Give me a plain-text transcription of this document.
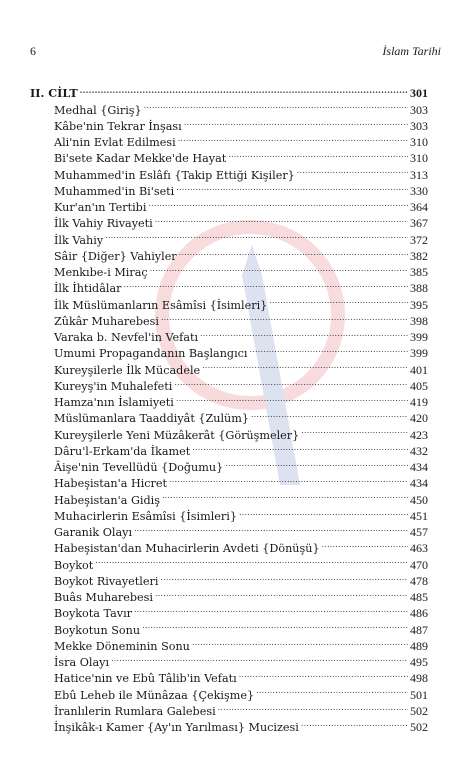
6	İslam Tarihi
II. CİLT .....	301
Medhal {Giriş} .....	303
Kâbe'nin Tekrar İnşası .....	303
Ali'nin Evlat Edilmesi .....	310
Bi'sete Kadar Mekke'de Hayat .....	310
Muhammed'in Eslâfı {Takip Ettiği Kişiler} .....	313
Muhammed'in Bi'seti .....	330
Kur'an'ın Tertibi .....	364
İlk Vahiy Rivayeti .....	367
İlk Vahiy .....	372
Sâir {Diğer} Vahiyler .....	382
Menkıbe-i Miraç .....	385
İlk İhtidâlar .....	388
İlk Müslümanların Esâmîsi {İsimleri} .....	395
Zûkâr Muharebesi .....	398
Varaka b. Nevfel'in Vefatı .....	399
Umumi Propagandanın Başlangıcı .....	399
Kureyşilerle İlk Mücadele .....	401
Kureyş'in Muhalefeti .....	405
Hamza'nın İslamiyeti .....	419
Müslümanlara Taaddiyât {Zulüm} .....	420
Kureyşilerle Yeni Müzâkerât {Görüşmeler} .....	423
Dâru'l-Erkam'da İkamet .....	432
Âişe'nin Tevellüdü {Doğumu} .....	434
Habeşistan'a Hicret .....	434
Habeşistan'a Gidiş .....	450
Muhacirlerin Esâmîsi {İsimleri} .....	451
Garanik Olayı .....	457
Habeşistan'dan Muhacirlerin Avdeti {Dönüşü} .....	463
Boykot .....	470
Boykot Rivayetleri .....	478
Buâs Muharebesi .....	485
Boykota Tavır .....	486
Boykotun Sonu .....	487
Mekke Döneminin Sonu .....	489
İsra Olayı .....	495
Hatice'nin ve Ebû Tâlib'in Vefatı .....	498
Ebû Leheb ile Münâzaa {Çekişme} .....	501
İranlılerin Rumlara Galebesi .....	502
İnşikâk-ı Kamer {Ay'ın Yarılması} Mucizesi .....	502
